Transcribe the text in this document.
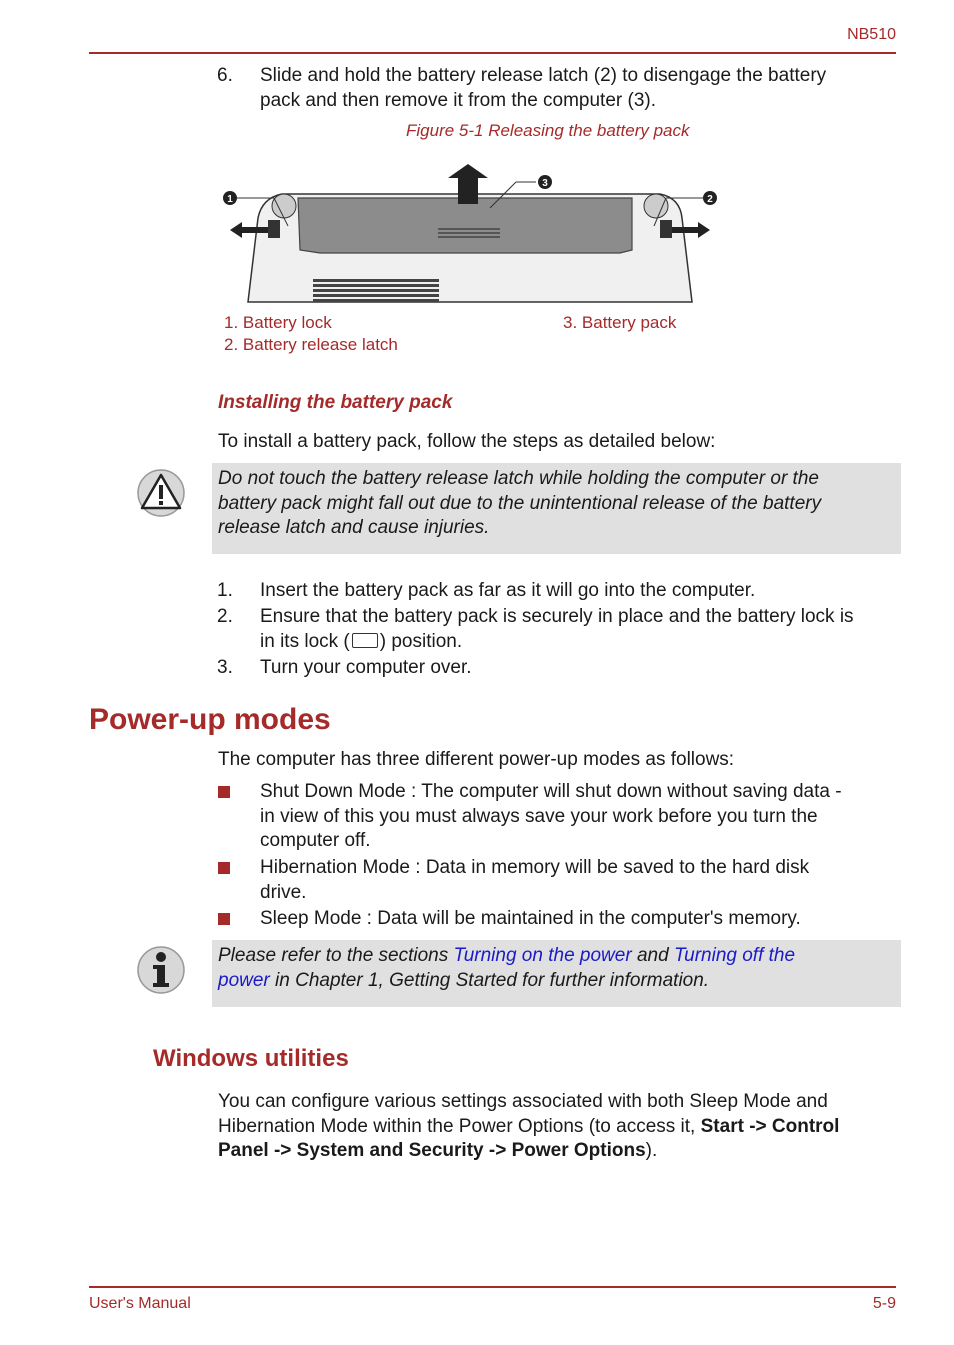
NB510
6. Slide and hold the battery release latch (2) to disengage the battery
pack and then remove it from the computer (3).
Figure 5-1 Releasing the battery pack
1	2
3
1. Battery lock
2. Battery release latch
3. Battery pack
Installing the battery pack
To install a battery pack, follow the steps as detailed below:
Do not touch the battery release latch while holding the computer or the
battery pack might fall out due to the unintentional release of the battery
release latch and cause injuries.
1. Insert the battery pack as far as it will go into the computer.
2. Ensure that the battery pack is securely in place and the battery lock is
in its lock ( ) position.
3. Turn your computer over.
Power-up modes
The computer has three different power-up modes as follows:
Shut Down Mode : The computer will shut down without saving data -
in view of this you must always save your work before you turn the
computer off.
Hibernation Mode : Data in memory will be saved to the hard disk
drive.
Sleep Mode : Data will be maintained in the computer's memory.
Please refer to the sections Turning on the power and Turning off the
power in Chapter 1, Getting Started for further information.
Windows utilities
You can configure various settings associated with both Sleep Mode and
Hibernation Mode within the Power Options (to access it, Start -> Control
Panel -> System and Security -> Power Options).
User's Manual	5-9
